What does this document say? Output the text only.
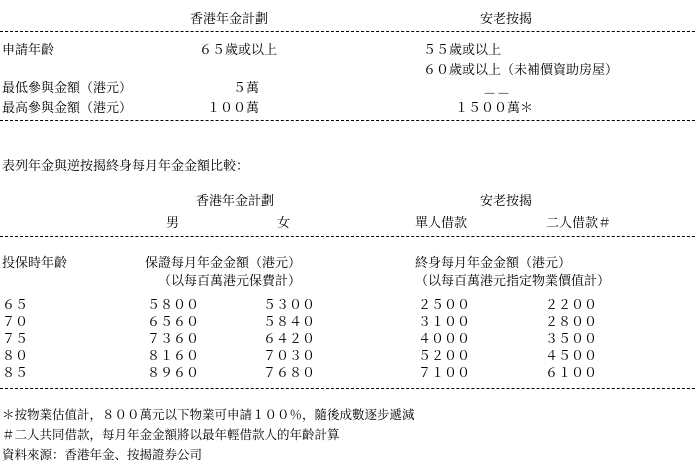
香港年金計劃	安老按揭
申請年齡	６５歲或以上	５５歲或以上
６０歲或以上（未補價資助房屋）
最低參與金額（港元）	５萬	－－
最高參與金額（港元）	１００萬	１５００萬＊
表列年金與逆按揭終身每月年金金額比較：
香港年金計劃	安老按揭
男	女	單人借款	二人借款＃
投保時年齡	保證每月年金金額（港元）
（以每百萬港元保費計）
終身每月年金金額（港元）
（以每百萬港元指定物業價值計）
６５	５８００	５３００	２５００	２２００
７０	６５６０	５８４０	３１００	２８００
７５	７３６０	６４２０	４０００	３５００
８０	８１６０	７０３０	５２００	４５００
８５	８９６０	７６８０	７１００	６１００
＊按物業估值計，８００萬元以下物業可申請１００％，隨後成數逐步遞減
＃二人共同借款，每月年金金額將以最年輕借款人的年齡計算
資料來源：香港年金、按揭證券公司
